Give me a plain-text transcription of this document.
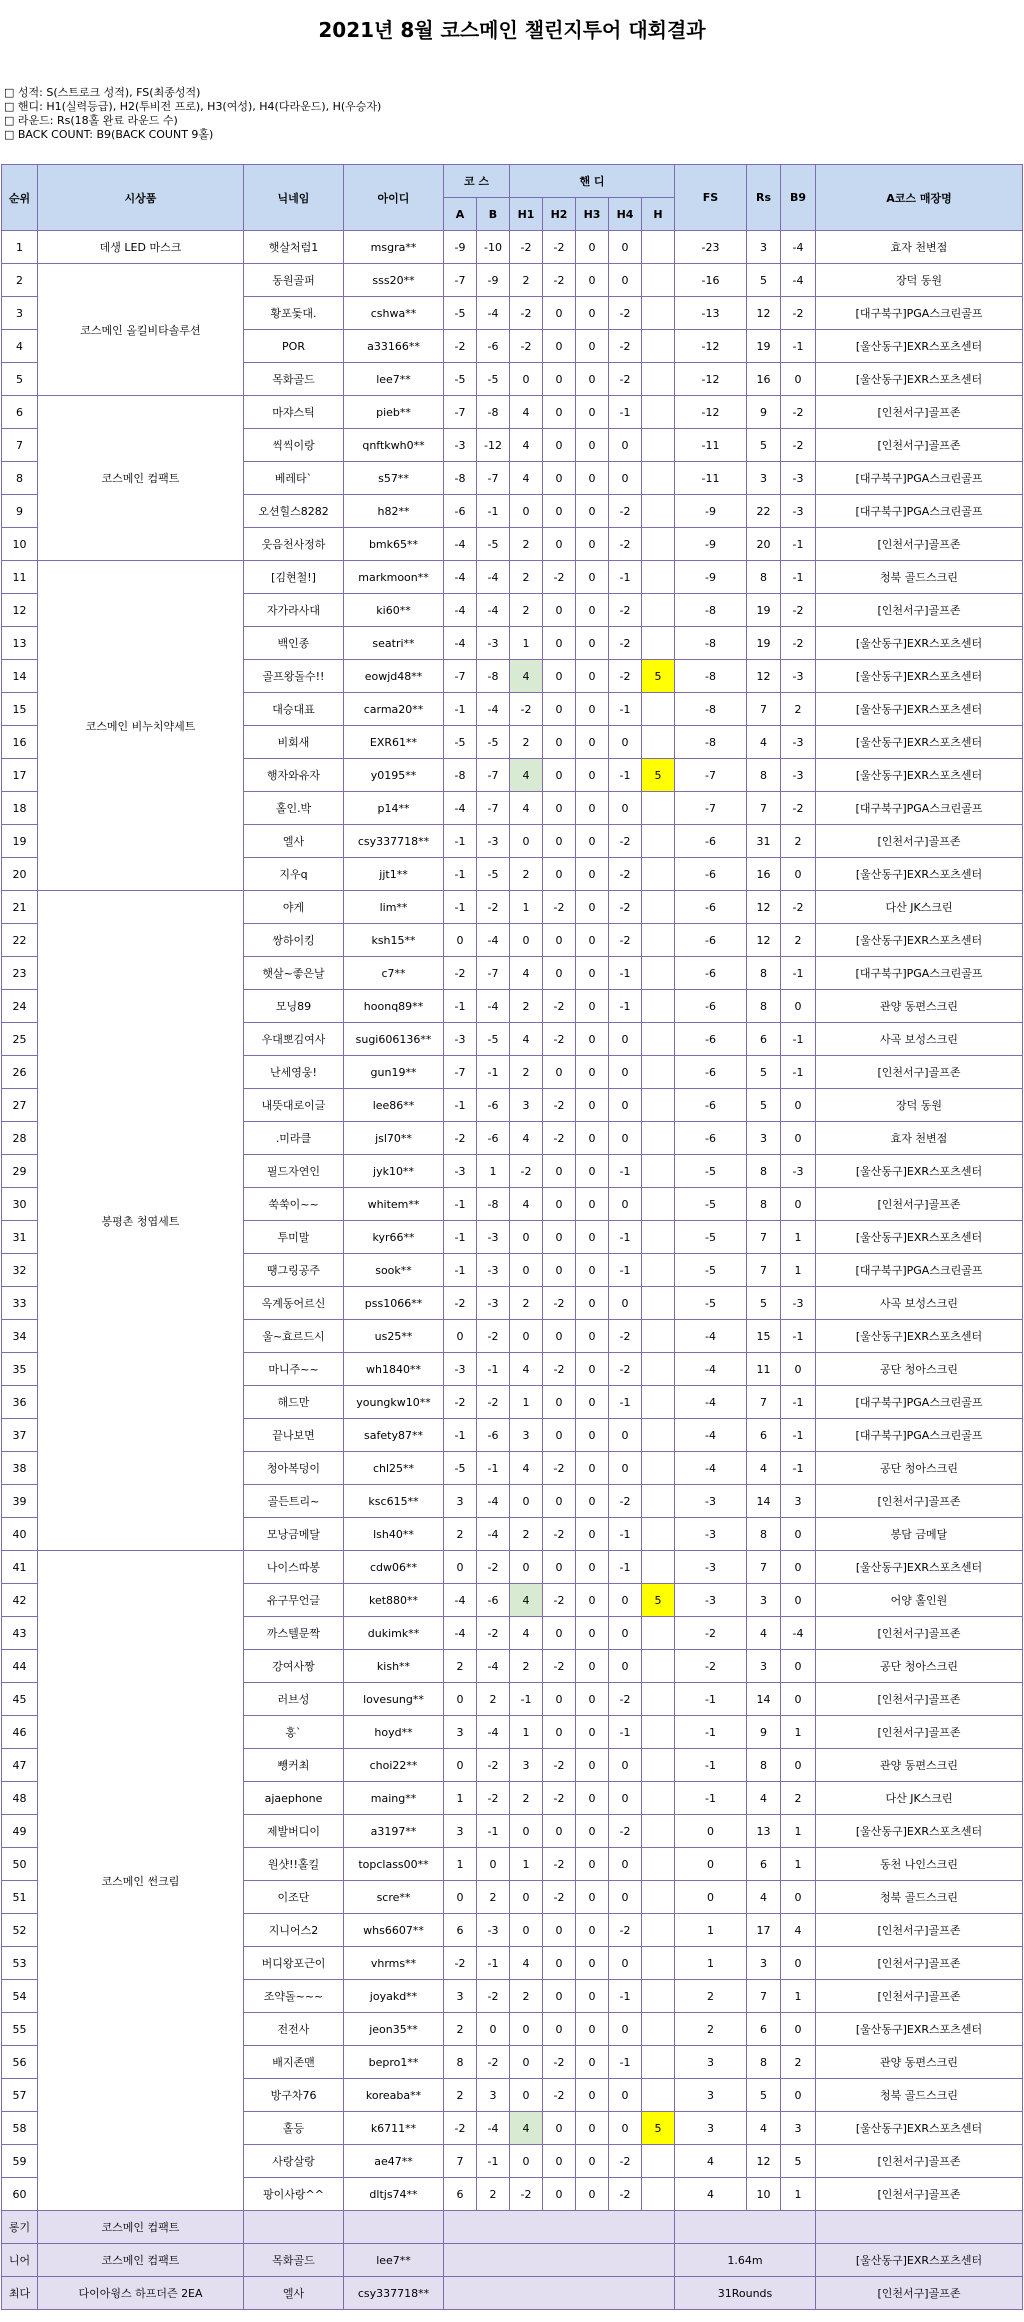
2021년 8월 코스메인 챌린지투어 대회결과
□ 성적: S(스트로크 성적), FS(최종성적)
□ 핸디: H1(실력등급), H2(투비전 프로), H3(여성), H4(다라운드), H(우승자)
□ 라운드: Rs(18홀 완료 라운드 수)
□ BACK COUNT: B9(BACK COUNT 9홀)
순위	시상품	닉네임	아이디	코 스		핸 디					FS	Rs	B9	A코스 매장명
				A	B	H1	H2	H3	H4	H				
1	데생 LED 마스크	햇살처럼1	msgra**	-9	-10	-2	-2	0	0		-23	3	-4	효자 천변점
2	코스메인 올킬비타솔루션	동원골퍼	sss20**	-7	-9	2	-2	0	0		-16	5	-4	장덕 동원
3		황포돛대.	cshwa**	-5	-4	-2	0	0	-2		-13	12	-2	[대구북구]PGA스크린골프
4		POR	a33166**	-2	-6	-2	0	0	-2		-12	19	-1	[울산동구]EXR스포츠센터
5		목화골드	lee7**	-5	-5	0	0	0	-2		-12	16	0	[울산동구]EXR스포츠센터
6	코스메인 컴팩트	마쟈스틱	pieb**	-7	-8	4	0	0	-1		-12	9	-2	[인천서구]골프존
7		씩씩이랑	qnftkwh0**	-3	-12	4	0	0	0		-11	5	-2	[인천서구]골프존
8		베레타`	s57**	-8	-7	4	0	0	0		-11	3	-3	[대구북구]PGA스크린골프
9		오션힐스8282	h82**	-6	-1	0	0	0	-2		-9	22	-3	[대구북구]PGA스크린골프
10		웃음천사정하	bmk65**	-4	-5	2	0	0	-2		-9	20	-1	[인천서구]골프존
11	코스메인 비누치약세트	[김현철!]	markmoon**	-4	-4	2	-2	0	-1		-9	8	-1	청북 골드스크린
12		자가라사대	ki60**	-4	-4	2	0	0	-2		-8	19	-2	[인천서구]골프존
13		백인종	seatri**	-4	-3	1	0	0	-2		-8	19	-2	[울산동구]EXR스포츠센터
14		골프왕돌수!!	eowjd48**	-7	-8	4	0	0	-2	5	-8	12	-3	[울산동구]EXR스포츠센터
15		대승대표	carma20**	-1	-4	-2	0	0	-1		-8	7	2	[울산동구]EXR스포츠센터
16		비회새	EXR61**	-5	-5	2	0	0	0		-8	4	-3	[울산동구]EXR스포츠센터
17		행자와유자	y0195**	-8	-7	4	0	0	-1	5	-7	8	-3	[울산동구]EXR스포츠센터
18		홀인.박	p14**	-4	-7	4	0	0	0		-7	7	-2	[대구북구]PGA스크린골프
19		엘사	csy337718**	-1	-3	0	0	0	-2		-6	31	2	[인천서구]골프존
20		지우q	jjt1**	-1	-5	2	0	0	-2		-6	16	0	[울산동구]EXR스포츠센터
21	봉평촌 청엽세트	야게	lim**	-1	-2	1	-2	0	-2		-6	12	-2	다산 JK스크린
22		쌍하이킹	ksh15**	0	-4	0	0	0	-2		-6	12	2	[울산동구]EXR스포츠센터
23		햇살~좋은날	c7**	-2	-7	4	0	0	-1		-6	8	-1	[대구북구]PGA스크린골프
24		모닝89	hoonq89**	-1	-4	2	-2	0	-1		-6	8	0	관양 동편스크린
25		우대뽀김여사	sugi606136**	-3	-5	4	-2	0	0		-6	6	-1	사곡 보성스크린
26		난세영웅!	gun19**	-7	-1	2	0	0	0		-6	5	-1	[인천서구]골프존
27		내뜻대로이글	lee86**	-1	-6	3	-2	0	0		-6	5	0	장덕 동원
28		.미라클	jsl70**	-2	-6	4	-2	0	0		-6	3	0	효자 천변점
29		필드자연인	jyk10**	-3	1	-2	0	0	-1		-5	8	-3	[울산동구]EXR스포츠센터
30		쑥쑥이~~	whitem**	-1	-8	4	0	0	0		-5	8	0	[인천서구]골프존
31		투미말	kyr66**	-1	-3	0	0	0	-1		-5	7	1	[울산동구]EXR스포츠센터
32		땡그링공주	sook**	-1	-3	0	0	0	-1		-5	7	1	[대구북구]PGA스크린골프
33		옥계동어르신	pss1066**	-2	-3	2	-2	0	0		-5	5	-3	사곡 보성스크린
34		울~효르드시	us25**	0	-2	0	0	0	-2		-4	15	-1	[울산동구]EXR스포츠센터
35		마니주~~	wh1840**	-3	-1	4	-2	0	-2		-4	11	0	공단 청아스크린
36		해드만	youngkw10**	-2	-2	1	0	0	-1		-4	7	-1	[대구북구]PGA스크린골프
37		끝나보면	safety87**	-1	-6	3	0	0	0		-4	6	-1	[대구북구]PGA스크린골프
38		청아복덩이	chl25**	-5	-1	4	-2	0	0		-4	4	-1	공단 청아스크린
39		골든트리~	ksc615**	3	-4	0	0	0	-2		-3	14	3	[인천서구]골프존
40		모낭금메달	lsh40**	2	-4	2	-2	0	-1		-3	8	0	봉담 금메달
41	코스메인 썬크림	나이스따봉	cdw06**	0	-2	0	0	0	-1		-3	7	0	[울산동구]EXR스포츠센터
42		유구무언글	ket880**	-4	-6	4	-2	0	0	5	-3	3	0	어양 홀인원
43		까스텔문짝	dukimk**	-4	-2	4	0	0	0		-2	4	-4	[인천서구]골프존
44		강여사짱	kish**	2	-4	2	-2	0	0		-2	3	0	공단 청아스크린
45		러브성	lovesung**	0	2	-1	0	0	-2		-1	14	0	[인천서구]골프존
46		홍`	hoyd**	3	-4	1	0	0	-1		-1	9	1	[인천서구]골프존
47		뺑커최	choi22**	0	-2	3	-2	0	0		-1	8	0	관양 동편스크린
48		ajaephone	maing**	1	-2	2	-2	0	0		-1	4	2	다산 JK스크린
49		제발버디이	a3197**	3	-1	0	0	0	-2		0	13	1	[울산동구]EXR스포츠센터
50		원샷!!홀킬	topclass00**	1	0	1	-2	0	0		0	6	1	동천 나인스크린
51		이조단	scre**	0	2	0	-2	0	0		0	4	0	청북 골드스크린
52		지니어스2	whs6607**	6	-3	0	0	0	-2		1	17	4	[인천서구]골프존
53		버디왕포근이	vhrms**	-2	-1	4	0	0	0		1	3	0	[인천서구]골프존
54		조약돌~~~	joyakd**	3	-2	2	0	0	-1		2	7	1	[인천서구]골프존
55		전전사	jeon35**	2	0	0	0	0	0		2	6	0	[울산동구]EXR스포츠센터
56		배지존맨	bepro1**	8	-2	0	-2	0	-1		3	8	2	관양 동편스크린
57		방구차76	koreaba**	2	3	0	-2	0	0		3	5	0	청북 골드스크린
58		홀등	k6711**	-2	-4	4	0	0	0	5	3	4	3	[울산동구]EXR스포츠센터
59		사랑살랑	ae47**	7	-1	0	0	0	-2		4	12	5	[인천서구]골프존
60		팡이사랑^^	dltjs74**	6	2	-2	0	0	-2		4	10	1	[인천서구]골프존
롱기	코스메인 컴팩트													
니어	코스메인 컴팩트	목화골드	lee7**								1.64m			[울산동구]EXR스포츠센터
최다	다이아윙스 하프더즌 2EA	엘사	csy337718**								31Rounds			[인천서구]골프존
